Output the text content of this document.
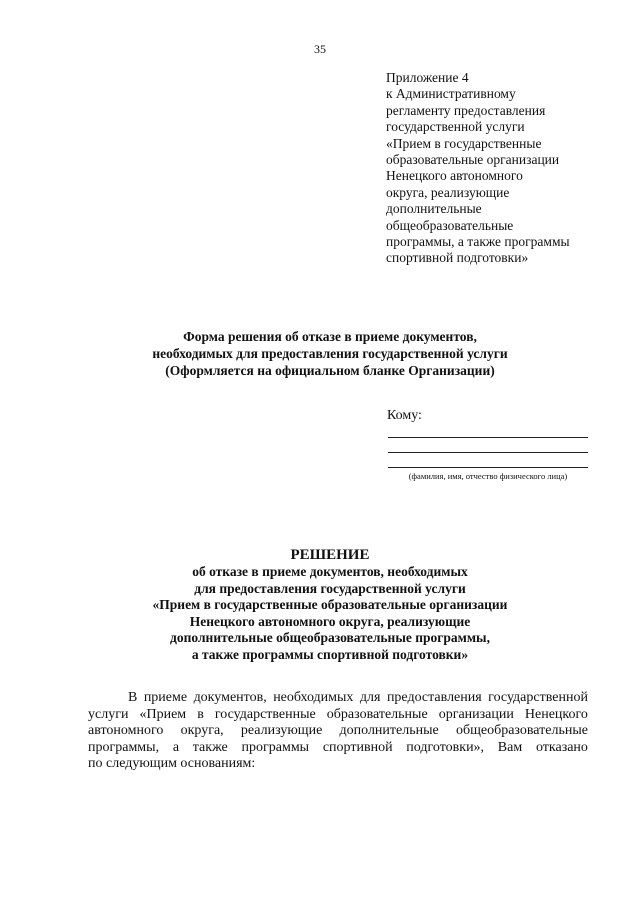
35
Приложение 4
к Административному
регламенту предоставления
государственной услуги
«Прием в государственные
образовательные организации
Ненецкого автономного
округа, реализующие
дополнительные
общеобразовательные
программы, а также программы
спортивной подготовки»
Форма решения об отказе в приеме документов,
необходимых для предоставления государственной услуги
(Оформляется на официальном бланке Организации)
Кому:
(фамилия, имя, отчество физического лица)
РЕШЕНИЕ
об отказе в приеме документов, необходимых
для предоставления государственной услуги
«Прием в государственные образовательные организации
Ненецкого автономного округа, реализующие
дополнительные общеобразовательные программы,
а также программы спортивной подготовки»
В приеме документов, необходимых для предоставления государственной
услуги «Прием в государственные образовательные организации Ненецкого
автономного округа, реализующие дополнительные общеобразовательные
программы, а также программы спортивной подготовки», Вам отказано
по следующим основаниям:
